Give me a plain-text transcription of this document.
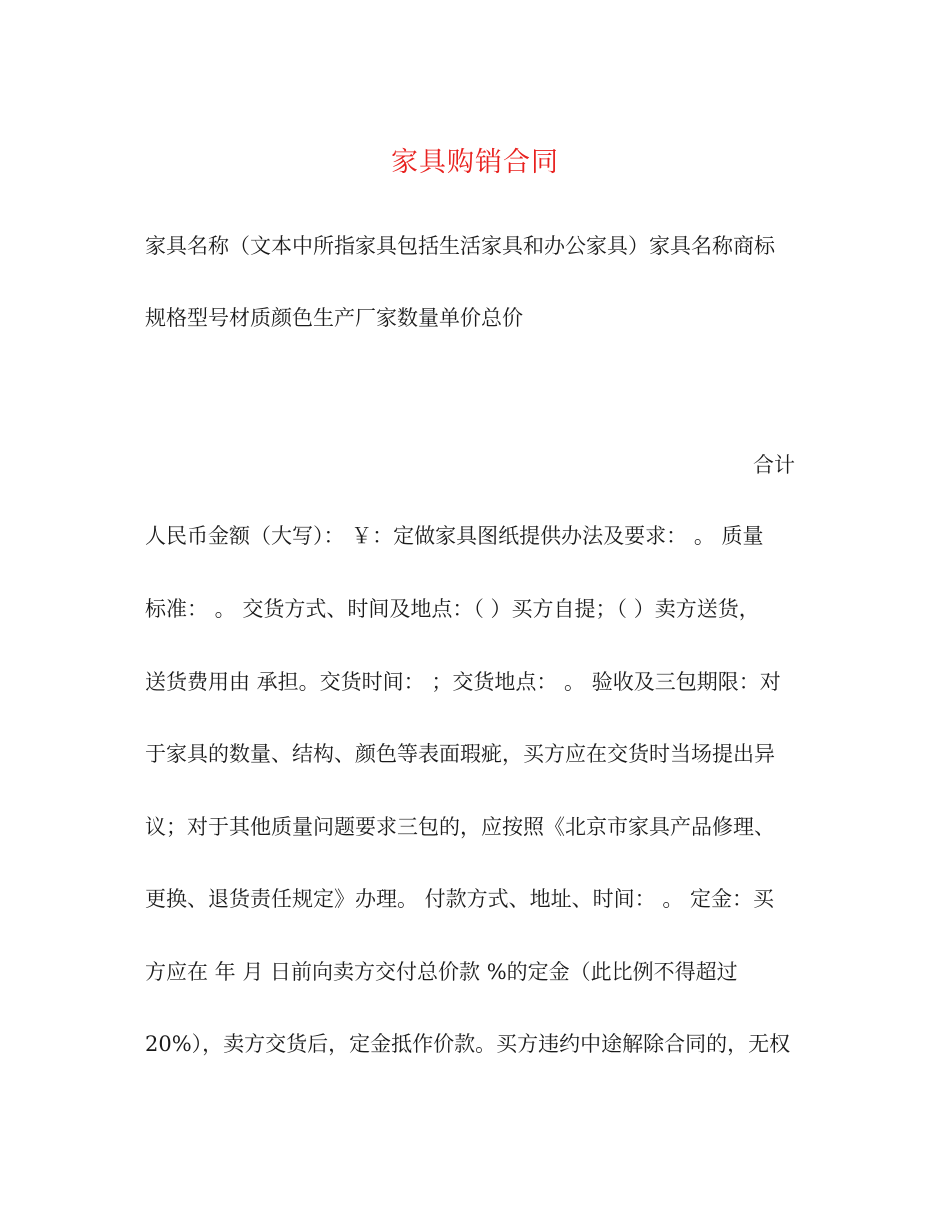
家具购销合同
家具名称（文本中所指家具包括生活家具和办公家具）家具名称商标
规格型号材质颜色生产厂家数量单价总价
合计
人民币金额（大写）： ￥：定做家具图纸提供办法及要求： 。 质量
标准： 。 交货方式、时间及地点：（ ）买方自提；（ ）卖方送货，
送货费用由 承担。交货时间： ；交货地点： 。 验收及三包期限：对
于家具的数量、结构、颜色等表面瑕疵，买方应在交货时当场提出异
议；对于其他质量问题要求三包的，应按照《北京市家具产品修理、
更换、退货责任规定》办理。 付款方式、地址、时间： 。 定金：买
方应在 年 月 日前向卖方交付总价款 %的定金（此比例不得超过
20%），卖方交货后，定金抵作价款。买方违约中途解除合同的，无权
